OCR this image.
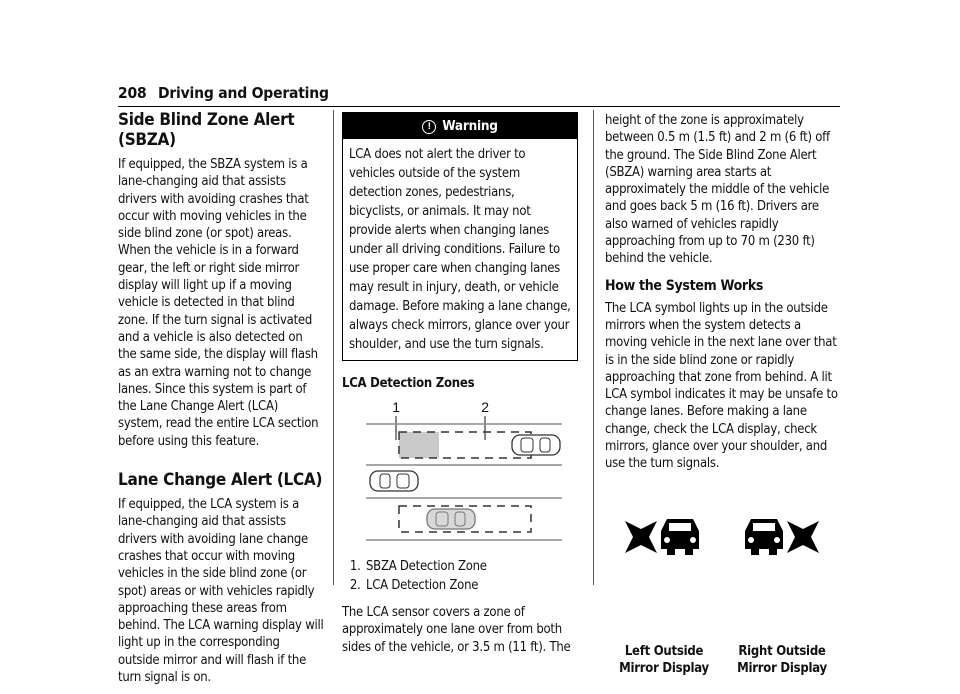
208 Driving and Operating
Side Blind Zone Alert (SBZA)

If equipped, the SBZA system is a lane-changing aid that assists drivers with avoiding crashes that occur with moving vehicles in the side blind zone (or spot) areas. When the vehicle is in a forward gear, the left or right side mirror display will light up if a moving vehicle is detected in that blind zone. If the turn signal is activated and a vehicle is also detected on the same side, the display will flash as an extra warning not to change lanes. Since this system is part of the Lane Change Alert (LCA) system, read the entire LCA section before using this feature.

Lane Change Alert (LCA)

If equipped, the LCA system is a lane-changing aid that assists drivers with avoiding lane change crashes that occur with moving vehicles in the side blind zone (or spot) areas or with vehicles rapidly approaching these areas from behind. The LCA warning display will light up in the corresponding outside mirror and will flash if the turn signal is on.

! Warning
LCA does not alert the driver to vehicles outside of the system detection zones, pedestrians, bicyclists, or animals. It may not provide alerts when changing lanes under all driving conditions. Failure to use proper care when changing lanes may result in injury, death, or vehicle damage. Before making a lane change, always check mirrors, glance over your shoulder, and use the turn signals.
LCA Detection Zones
1	2
1. SBZA Detection Zone
2. LCA Detection Zone

The LCA sensor covers a zone of approximately one lane over from both sides of the vehicle, or 3.5 m (11 ft). The

height of the zone is approximately between 0.5 m (1.5 ft) and 2 m (6 ft) off the ground. The Side Blind Zone Alert (SBZA) warning area starts at approximately the middle of the vehicle and goes back 5 m (16 ft). Drivers are also warned of vehicles rapidly approaching from up to 70 m (230 ft) behind the vehicle.

How the System Works

The LCA symbol lights up in the outside mirrors when the system detects a moving vehicle in the next lane over that is in the side blind zone or rapidly approaching that zone from behind. A lit LCA symbol indicates it may be unsafe to change lanes. Before making a lane change, check the LCA display, check mirrors, glance over your shoulder, and use the turn signals.

Left Outside Mirror Display
Right Outside Mirror Display
